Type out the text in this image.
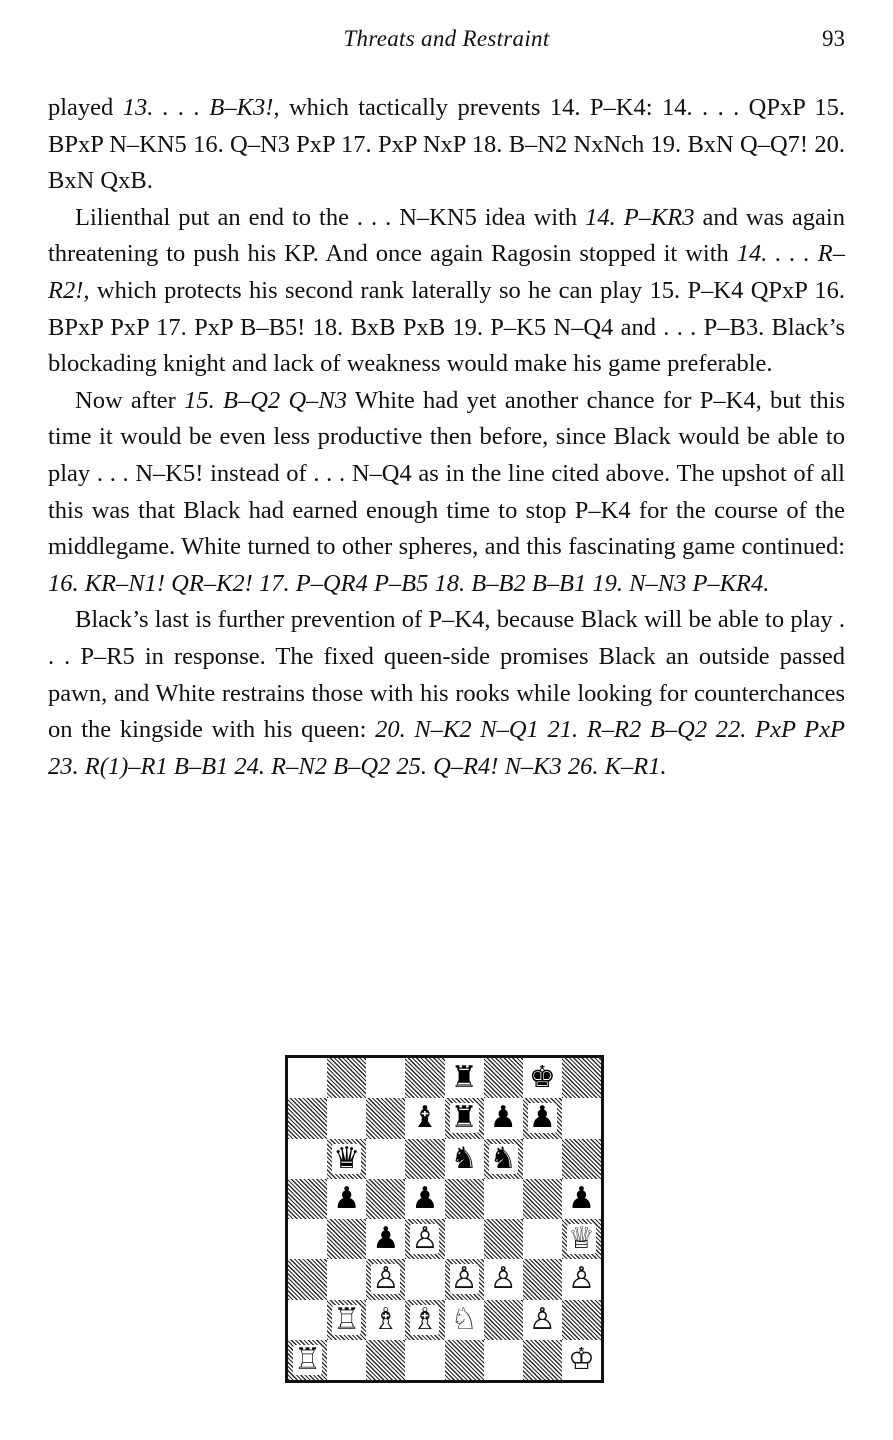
Threats and Restraint	93

played 13. . . . B–K3!, which tactically prevents 14. P–K4: 14. . . . QPxP 15. BPxP N–KN5 16. Q–N3 PxP 17. PxP NxP 18. B–N2 NxNch 19. BxN Q–Q7! 20. BxN QxB.

Lilienthal put an end to the . . . N–KN5 idea with 14. P–KR3 and was again threatening to push his KP. And once again Ragosin stopped it with 14. . . . R–R2!, which protects his second rank laterally so he can play 15. P–K4 QPxP 16. BPxP PxP 17. PxP B–B5! 18. BxB PxB 19. P–K5 N–Q4 and . . . P–B3. Black’s blockading knight and lack of weakness would make his game preferable.

Now after 15. B–Q2 Q–N3 White had yet another chance for P–K4, but this time it would be even less productive then before, since Black would be able to play . . . N–K5! instead of . . . N–Q4 as in the line cited above. The upshot of all this was that Black had earned enough time to stop P–K4 for the course of the middlegame. White turned to other spheres, and this fascinating game continued: 16. KR–N1! QR–K2! 17. P–QR4 P–B5 18. B–B2 B–B1 19. N–N3 P–KR4.

Black’s last is further prevention of P–K4, because Black will be able to play . . . P–R5 in response. The fixed queen-side promises Black an outside passed pawn, and White restrains those with his rooks while looking for counterchances on the kingside with his queen: 20. N–K2 N–Q1 21. R–R2 B–Q2 22. PxP PxP 23. R(1)–R1 B–B1 24. R–N2 B–Q2 25. Q–R4! N–K3 26. K–R1.

♜ ♚
♝ ♜ ♟ ♟
♛	♞ ♞
♟ ♟	♟
♟ ♙	♕
♙ ♙ ♙ ♙
♖ ♗ ♗ ♘ ♙
♖	♔
